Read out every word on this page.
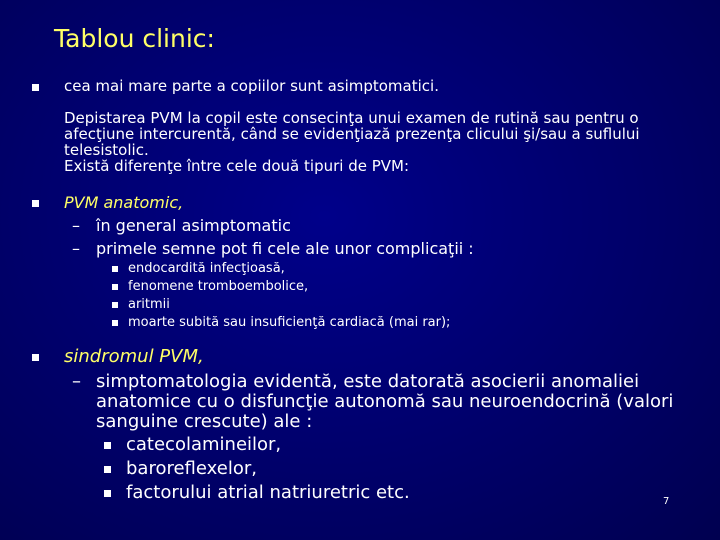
Tablou clinic:
cea mai mare parte a copiilor sunt asimptomatici.
Depistarea PVM la copil este consecinţa unui examen de rutină sau pentru o
afecţiune intercurentă, când se evidenţiază prezenţa clicului şi/sau a suflului
telesistolic.
Există diferenţe între cele două tipuri de PVM:
PVM anatomic,
– în general asimptomatic
– primele semne pot fi cele ale unor complicaţii :
endocardită infecţioasă,
fenomene tromboembolice,
aritmii
moarte subită sau insuficienţă cardiacă (mai rar);
sindromul PVM,
– simptomatologia evidentă, este datorată asocierii anomaliei
anatomice cu o disfuncţie autonomă sau neuroendocrină (valori
sanguine crescute) ale :
catecolamineilor,
baroreflexelor,
factorului atrial natriuretric etc.	7
